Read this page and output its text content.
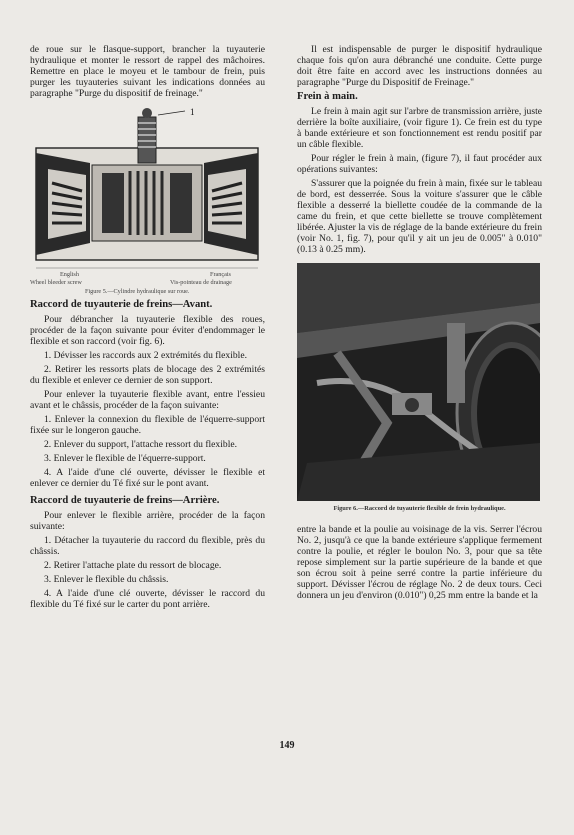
de roue sur le flasque-support, brancher la tuyauterie hydraulique et monter le ressort de rappel des mâchoires. Remettre en place le moyeu et le tambour de frein, puis purger les tuyauteries suivant les indications données au paragraphe "Purge du dispositif de freinage."

1
English
Wheel bleeder screw
Français
Vis-pointeau de drainage
Figure 5.—Cylindre hydraulique sur roue.
Raccord de tuyauterie de freins—Avant.

Pour débrancher la tuyauterie flexible des roues, procéder de la façon suivante pour éviter d'endommager le flexible et son raccord (voir fig. 6).

1. Dévisser les raccords aux 2 extrémités du flexible.

2. Retirer les ressorts plats de blocage des 2 extrémités du flexible et enlever ce dernier de son support.

Pour enlever la tuyauterie flexible avant, entre l'essieu avant et le châssis, procéder de la façon suivante:

1. Enlever la connexion du flexible de l'équerre-support fixée sur le longeron gauche.

2. Enlever du support, l'attache ressort du flexible.

3. Enlever le flexible de l'équerre-support.

4. A l'aide d'une clé ouverte, dévisser le flexible et enlever ce dernier du Té fixé sur le pont avant.

Raccord de tuyauterie de freins—Arrière.

Pour enlever le flexible arrière, procéder de la façon suivante:

1. Détacher la tuyauterie du raccord du flexible, près du châssis.

2. Retirer l'attache plate du ressort de blocage.

3. Enlever le flexible du châssis.

4. A l'aide d'une clé ouverte, dévisser le raccord du flexible du Té fixé sur le carter du pont arrière.

Il est indispensable de purger le dispositif hydraulique chaque fois qu'on aura débranché une conduite. Cette purge doit être faite en accord avec les instructions données au paragraphe "Purge du Dispositif de Freinage."

Frein à main.

Le frein à main agit sur l'arbre de transmission arrière, juste derrière la boîte auxiliaire, (voir figure 1). Ce frein est du type à bande extérieure et son fonctionnement est rendu positif par un câble flexible.

Pour régler le frein à main, (figure 7), il faut procéder aux opérations suivantes:

S'assurer que la poignée du frein à main, fixée sur le tableau de bord, est desserrée. Sous la voiture s'assurer que le câble flexible a desserré la biellette coudée de la commande de la came du frein, et que cette biellette se trouve complètement libérée. Ajuster la vis de réglage de la bande extérieure du frein (voir No. 1, fig. 7), pour qu'il y ait un jeu de 0.005" à 0.010" (0.13 à 0.25 mm).

Figure 6.—Raccord de tuyauterie flexible de frein hydraulique.

entre la bande et la poulie au voisinage de la vis. Serrer l'écrou No. 2, jusqu'à ce que la bande extérieure s'applique fermement contre la poulie, et régler le boulon No. 3, pour que sa tête repose simplement sur la partie supérieure de la bande et que son écrou soit à peine serré contre la partie inférieure du support. Dévisser l'écrou de réglage No. 2 de deux tours. Ceci donnera un jeu d'environ (0.010") 0,25 mm entre la bande et la

149
